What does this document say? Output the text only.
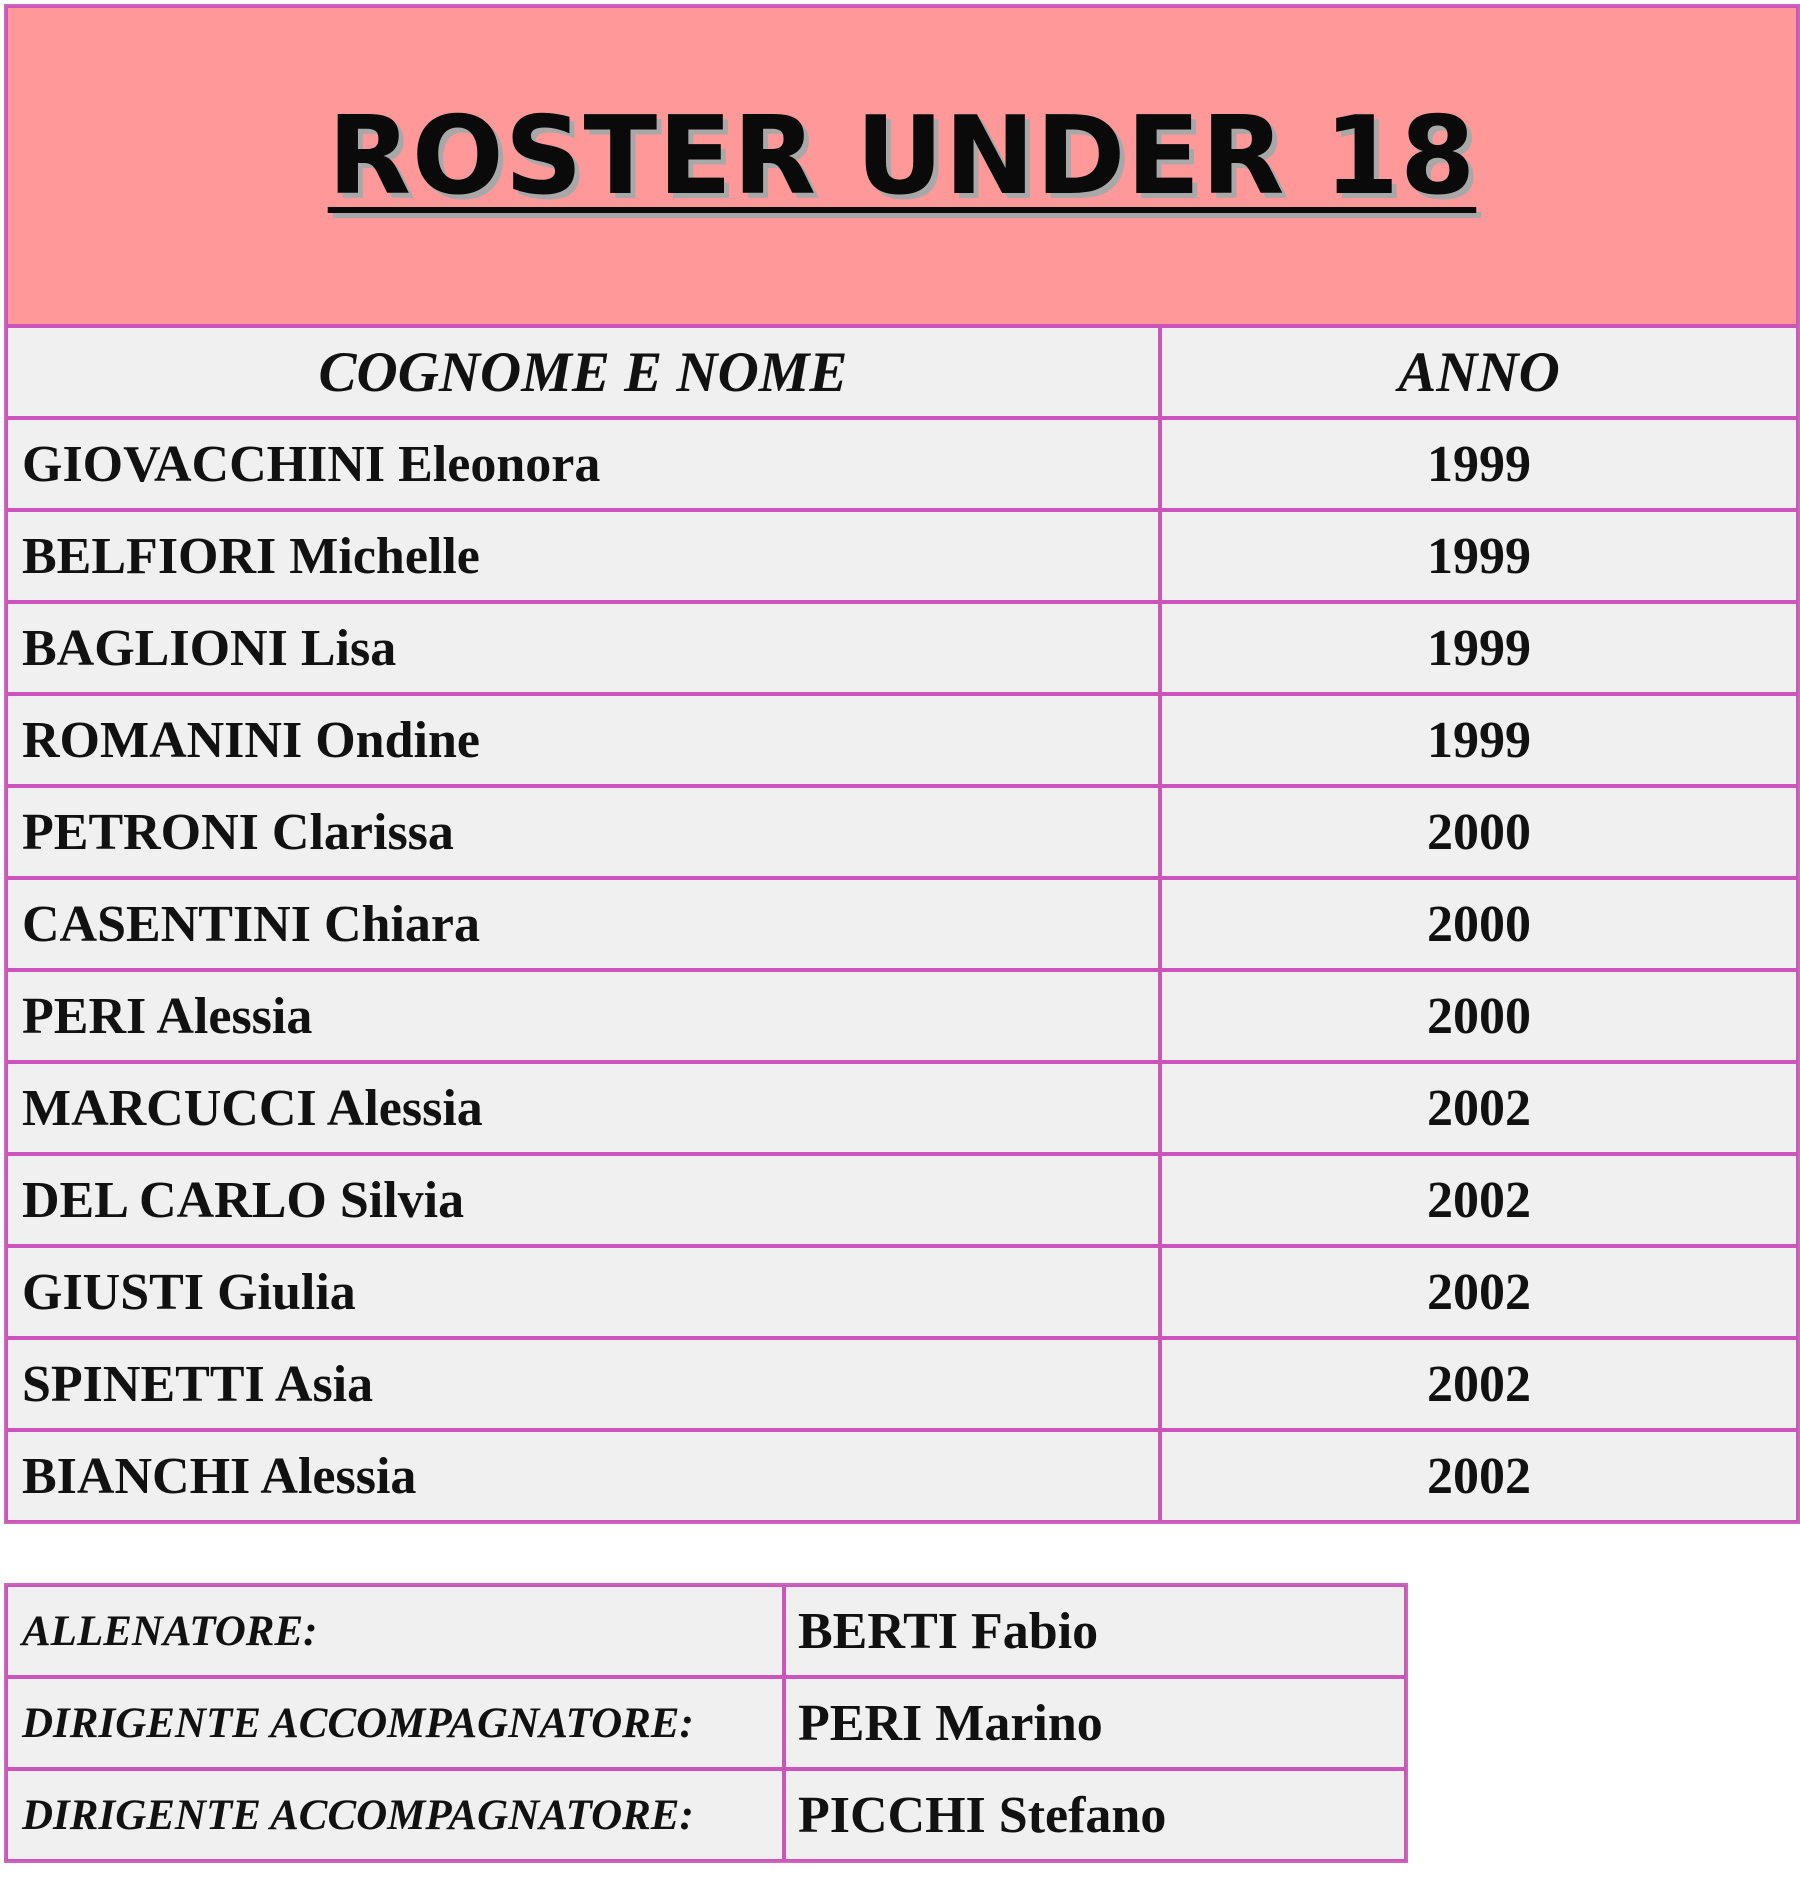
ROSTER UNDER 18	
COGNOME E NOME	ANNO
GIOVACCHINI Eleonora	1999
BELFIORI Michelle	1999
BAGLIONI Lisa	1999
ROMANINI Ondine	1999
PETRONI Clarissa	2000
CASENTINI Chiara	2000
PERI Alessia	2000
MARCUCCI Alessia	2002
DEL CARLO Silvia	2002
GIUSTI Giulia	2002
SPINETTI Asia	2002
BIANCHI Alessia	2002
ALLENATORE:	BERTI Fabio
DIRIGENTE ACCOMPAGNATORE:	PERI Marino
DIRIGENTE ACCOMPAGNATORE:	PICCHI Stefano
